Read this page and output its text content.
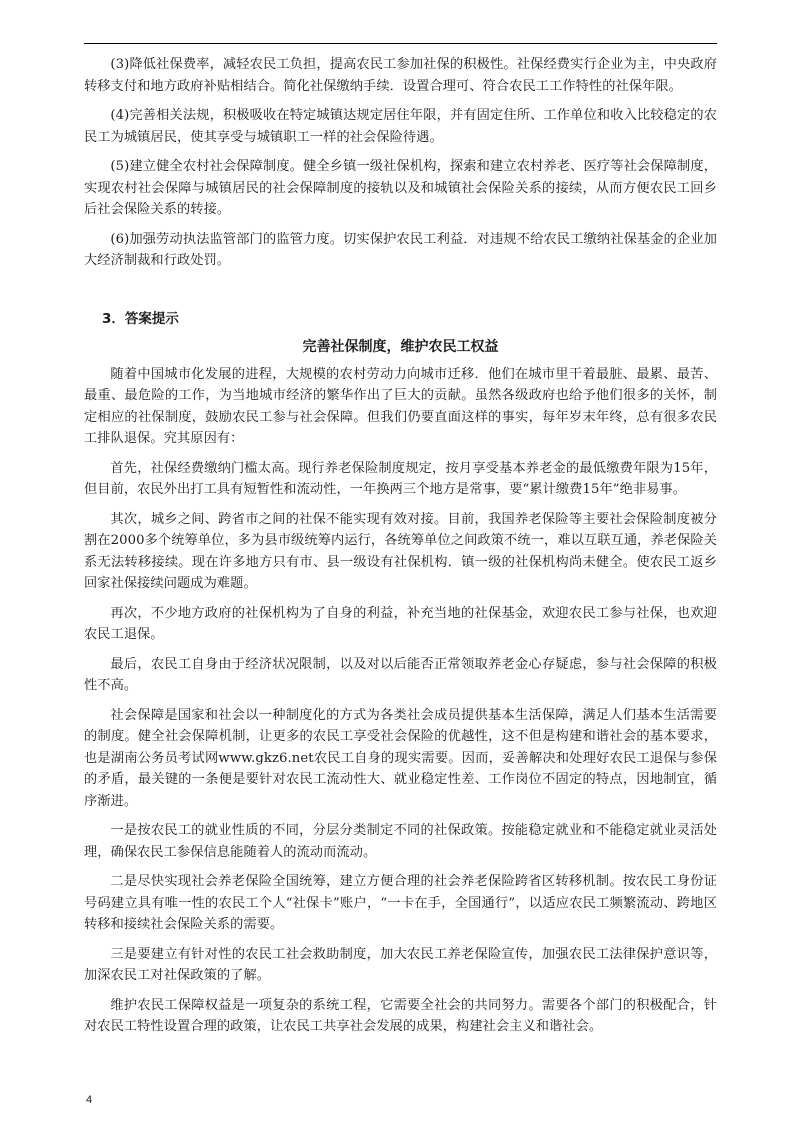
(3)降低社保费率，减轻农民工负担，提高农民工参加社保的积极性。社保经费实行企业为主，中央政府转移支付和地方政府补贴相结合。简化社保缴纳手续．设置合理可、符合农民工工作特性的社保年限。

(4)完善相关法规，积极吸收在特定城镇达规定居住年限，并有固定住所、工作单位和收入比较稳定的农民工为城镇居民，使其享受与城镇职工一样的社会保险待遇。

(5)建立健全农村社会保障制度。健全乡镇一级社保机构，探索和建立农村养老、医疗等社会保障制度，实现农村社会保障与城镇居民的社会保障制度的接轨以及和城镇社会保险关系的接续，从而方便农民工回乡后社会保险关系的转接。

(6)加强劳动执法监管部门的监管力度。切实保护农民工利益．对违规不给农民工缴纳社保基金的企业加大经济制裁和行政处罚。

3．答案提示
完善社保制度，维护农民工权益

随着中国城市化发展的进程，大规模的农村劳动力向城市迁移．他们在城市里干着最脏、最累、最苦、最重、最危险的工作，为当地城市经济的繁华作出了巨大的贡献。虽然各级政府也给予他们很多的关怀，制定相应的社保制度，鼓励农民工参与社会保障。但我们仍要直面这样的事实，每年岁末年终，总有很多农民工排队退保。究其原因有：

首先，社保经费缴纳门槛太高。现行养老保险制度规定，按月享受基本养老金的最低缴费年限为15年，但目前，农民外出打工具有短暂性和流动性，一年换两三个地方是常事，要“累计缴费15年”绝非易事。

其次，城乡之间、跨省市之间的社保不能实现有效对接。目前，我国养老保险等主要社会保险制度被分割在2000多个统筹单位，多为县市级统筹内运行，各统筹单位之间政策不统一，难以互联互通，养老保险关系无法转移接续。现在许多地方只有市、县一级设有社保机构．镇一级的社保机构尚未健全。使农民工返乡回家社保接续问题成为难题。

再次，不少地方政府的社保机构为了自身的利益，补充当地的社保基金，欢迎农民工参与社保，也欢迎农民工退保。

最后，农民工自身由于经济状况限制，以及对以后能否正常领取养老金心存疑虑，参与社会保障的积极性不高。

社会保障是国家和社会以一种制度化的方式为各类社会成员提供基本生活保障，满足人们基本生活需要的制度。健全社会保障机制，让更多的农民工享受社会保险的优越性，这不但是构建和谐社会的基本要求，也是湖南公务员考试网www.gkz6.net农民工自身的现实需要。因而，妥善解决和处理好农民工退保与参保的矛盾，最关键的一条便是要针对农民工流动性大、就业稳定性差、工作岗位不固定的特点，因地制宜，循序渐进。

一是按农民工的就业性质的不同，分层分类制定不同的社保政策。按能稳定就业和不能稳定就业灵活处理，确保农民工参保信息能随着人的流动而流动。

二是尽快实现社会养老保险全国统筹，建立方便合理的社会养老保险跨省区转移机制。按农民工身份证号码建立具有唯一性的农民工个人“社保卡”账户，“一卡在手，全国通行”，以适应农民工频繁流动、跨地区转移和接续社会保险关系的需要。

三是要建立有针对性的农民工社会救助制度，加大农民工养老保险宣传，加强农民工法律保护意识等，加深农民工对社保政策的了解。

维护农民工保障权益是一项复杂的系统工程，它需要全社会的共同努力。需要各个部门的积极配合，针对农民工特性设置合理的政策，让农民工共享社会发展的成果，构建社会主义和谐社会。

4
